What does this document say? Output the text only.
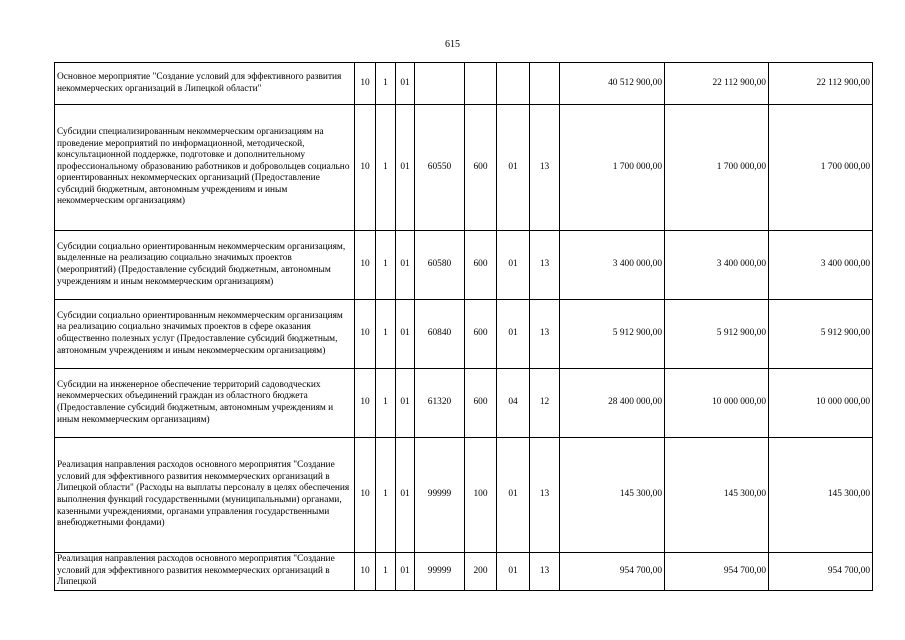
615
Основное мероприятие "Создание условий для эффективного развития некоммерческих организаций в Липецкой области"	10	1	01					40 512 900,00	22 112 900,00	22 112 900,00
Субсидии специализированным некоммерческим организациям на проведение мероприятий по информационной, методической, консультационной поддержке, подготовке и дополнительному профессиональному образованию работников и добровольцев социально ориентированных некоммерческих организаций (Предоставление субсидий бюджетным, автономным учреждениям и иным некоммерческим организациям)	10	1	01	60550	600	01	13	1 700 000,00	1 700 000,00	1 700 000,00
Субсидии социально ориентированным некоммерческим организациям, выделенные на реализацию социально значимых проектов (мероприятий) (Предоставление субсидий бюджетным, автономным учреждениям и иным некоммерческим организациям)	10	1	01	60580	600	01	13	3 400 000,00	3 400 000,00	3 400 000,00
Субсидии социально ориентированным некоммерческим организациям на реализацию социально значимых проектов в сфере оказания общественно полезных услуг (Предоставление субсидий бюджетным, автономным учреждениям и иным некоммерческим организациям)	10	1	01	60840	600	01	13	5 912 900,00	5 912 900,00	5 912 900,00
Субсидии на инженерное обеспечение территорий садоводческих некоммерческих объединений граждан из областного бюджета (Предоставление субсидий бюджетным, автономным учреждениям и иным некоммерческим организациям)	10	1	01	61320	600	04	12	28 400 000,00	10 000 000,00	10 000 000,00
Реализация направления расходов основного мероприятия "Создание условий для эффективного развития некоммерческих организаций в Липецкой области" (Расходы на выплаты персоналу в целях обеспечения выполнения функций государственными (муниципальными) органами, казенными учреждениями, органами управления государственными внебюджетными фондами)	10	1	01	99999	100	01	13	145 300,00	145 300,00	145 300,00
Реализация направления расходов основного мероприятия "Создание условий для эффективного развития некоммерческих организаций в Липецкой	10	1	01	99999	200	01	13	954 700,00	954 700,00	954 700,00
